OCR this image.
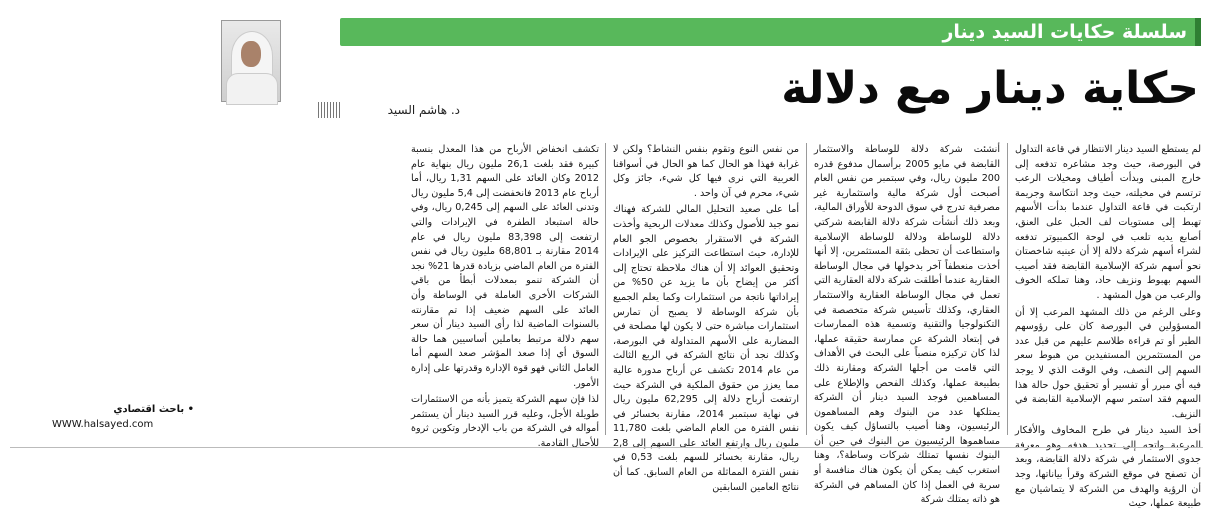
سلسلة حكايات السيد دينار
د. هاشم السيد	حكاية دينار مع دلالة

لم يستطع السيد دينار الانتظار في قاعة التداول في البورصة، حيث وجد مشاعره تدفعه إلى خارج المبنى وبدأت أطياف ومخيلات الرعب ترتسم في مخيلته، حيث وجد انتكاسة وجريمة ارتكبت في قاعة التداول عندما بدأت الأسهم تهبط إلى مستويات لف الحبل على العنق، أصابع يديه تلعب في لوحة الكمبيوتر تدفعه لشراء أسهم شركة دلالة إلا أن عينيه شاخصتان نحو أسهم شركة الإسلامية القابضة فقد أصيب السهم بهبوط ونزيف حاد، وهنا تملكه الخوف والرعب من هول المشهد .

وعلى الرغم من ذلك المشهد المرعب إلا أن المسؤولين في البورصة كان على رؤوسهم الطير أو تم قراءة طلاسم عليهم من قبل عدد من المستثمرين المستفيدين من هبوط سعر السهم إلى النصف، وفي الوقت الذي لا يوجد فيه أي مبرر أو تفسير أو تحقيق حول حالة هذا السهم فقد استمر سهم الإسلامية القابضة في النزيف.

أخذ السيد دينار في طرح المخاوف والأفكار المرعبة واتجه إلى تحديد هدفه وهو معرفة جدوى الاستثمار في شركة دلالة القابضة، وبعد أن تصفح في موقع الشركة وقرأ بياناتها، وجد أن الرؤية والهدف من الشركة لا يتماشيان مع طبيعة عملها، حيث

أنشئت شركة دلالة للوساطة والاستثمار القابضة في مايو 2005 برأسمال مدفوع قدره 200 مليون ريال، وفي سبتمبر من نفس العام أصبحت أول شركة مالية واستثمارية غير مصرفية تدرج في سوق الدوحة للأوراق المالية، وبعد ذلك أنشأت شركة دلالة القابضة شركتي دلالة للوساطة ودلالة للوساطة الإسلامية واستطاعت أن تحظى بثقة المستثمرين، إلا أنها أخذت منعطفاً آخر بدخولها في مجال الوساطة العقارية عندما أطلقت شركة دلالة العقارية التي تعمل في مجال الوساطة العقارية والاستثمار العقاري، وكذلك تأسيس شركة متخصصة في التكنولوجيا والتقنية وتسمية هذه الممارسات في إبتعاد الشركة عن ممارسة حقيقة عملها، لذا كان تركيزه منصباً على البحث في الأهداف التي قامت من أجلها الشركة ومقارنة ذلك بطبيعة عملها، وكذلك الفحص والإطلاع على المساهمين فوجد السيد دينار أن الشركة يمتلكها عدد من البنوك وهم المساهمون الرئيسيون، وهنا أصيب بالتساؤل كيف يكون مساهموها الرئيسيون من البنوك في حين أن البنوك نفسها تمتلك شركات وساطة؟، وهنا استغرب كيف يمكن أن يكون هناك منافسة أو سرية في العمل إذا كان المساهم في الشركة هو ذاته يمتلك شركة

من نفس النوع وتقوم بنفس النشاط؟ ولكن لا غرابة فهذا هو الحال كما هو الحال في أسواقنا العربية التي نرى فيها كل شيء، جائز وكل شيء، محرم في آن واحد .

أما على صعيد التحليل المالي للشركة فهناك نمو جيد للأصول وكذلك معدلات الربحية وأخذت الشركة في الاستقرار بخصوص الجو العام للإدارة، حيث استطاعت التركيز على الإيرادات وتحقيق العوائد إلا أن هناك ملاحظة تحتاج إلى أكثر من إيضاح بأن ما يزيد عن 50% من إيراداتها ناتجة من استثمارات وكما يعلم الجميع بأن شركة الوساطة لا يصبح أن تمارس استثمارات مباشرة حتى لا يكون لها مصلحة في المضاربة على الأسهم المتداولة في البورصة، وكذلك نجد أن نتائج الشركة في الربع الثالث من عام 2014 تكشف عن أرباح مدورة عالية مما يعزز من حقوق الملكية في الشركة حيث ارتفعت أرباح دلالة إلى 62,295 مليون ريال في نهاية سبتمبر 2014، مقارنة بخسائر في نفس الفترة من العام الماضي بلغت 11,780 مليون ريال وارتفع العائد على السهم إلى 2,8 ريال، مقارنة بخسائر للسهم بلغت 0,53 في نفس الفترة المماثلة من العام السابق. كما أن نتائج العامين السابقين

تكشف انخفاض الأرباح من هذا المعدل بنسبة كبيرة فقد بلغت 26,1 مليون ريال بنهاية عام 2012 وكان العائد على السهم 1,31 ريال، أما أرباح عام 2013 فانخفضت إلى 5,4 مليون ريال وتدنى العائد على السهم إلى 0,245 ريال، وفي حالة استبعاد الطفرة في الإيرادات والتي ارتفعت إلى 83,398 مليون ريال في عام 2014 مقارنة بـ 68,801 مليون ريال في نفس الفترة من العام الماضي بزيادة قدرها 21% نجد أن الشركة تنمو بمعدلات أبطأ من باقي الشركات الأخرى العاملة في الوساطة وأن العائد على السهم ضعيف إذا تم مقارنته بالسنوات الماضية لذا رأى السيد دينار أن سعر سهم دلالة مرتبط بعاملين أساسيين هما حالة السوق أي إذا صعد المؤشر صعد السهم أما العامل الثاني فهو قوة الإدارة وقدرتها على إدارة الأمور.

لذا فإن سهم الشركة يتميز بأنه من الاستثمارات طويلة الأجل، وعليه قرر السيد دينار أن يستثمر أمواله في الشركة من باب الإدخار وتكوين ثروة للأجيال القادمة.

• باحث اقتصادي
WWW.halsayed.com
